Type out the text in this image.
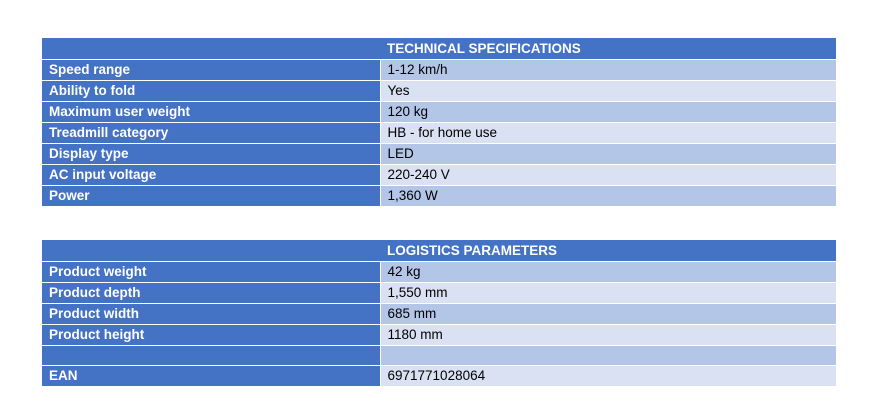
	TECHNICAL SPECIFICATIONS
Speed range	1-12 km/h
Ability to fold	Yes
Maximum user weight	120 kg
Treadmill category	HB - for home use
Display type	LED
AC input voltage	220-240 V
Power	1,360 W
	LOGISTICS PARAMETERS
Product weight	42 kg
Product depth	1,550 mm
Product width	685 mm
Product height	1180 mm

EAN	6971771028064
